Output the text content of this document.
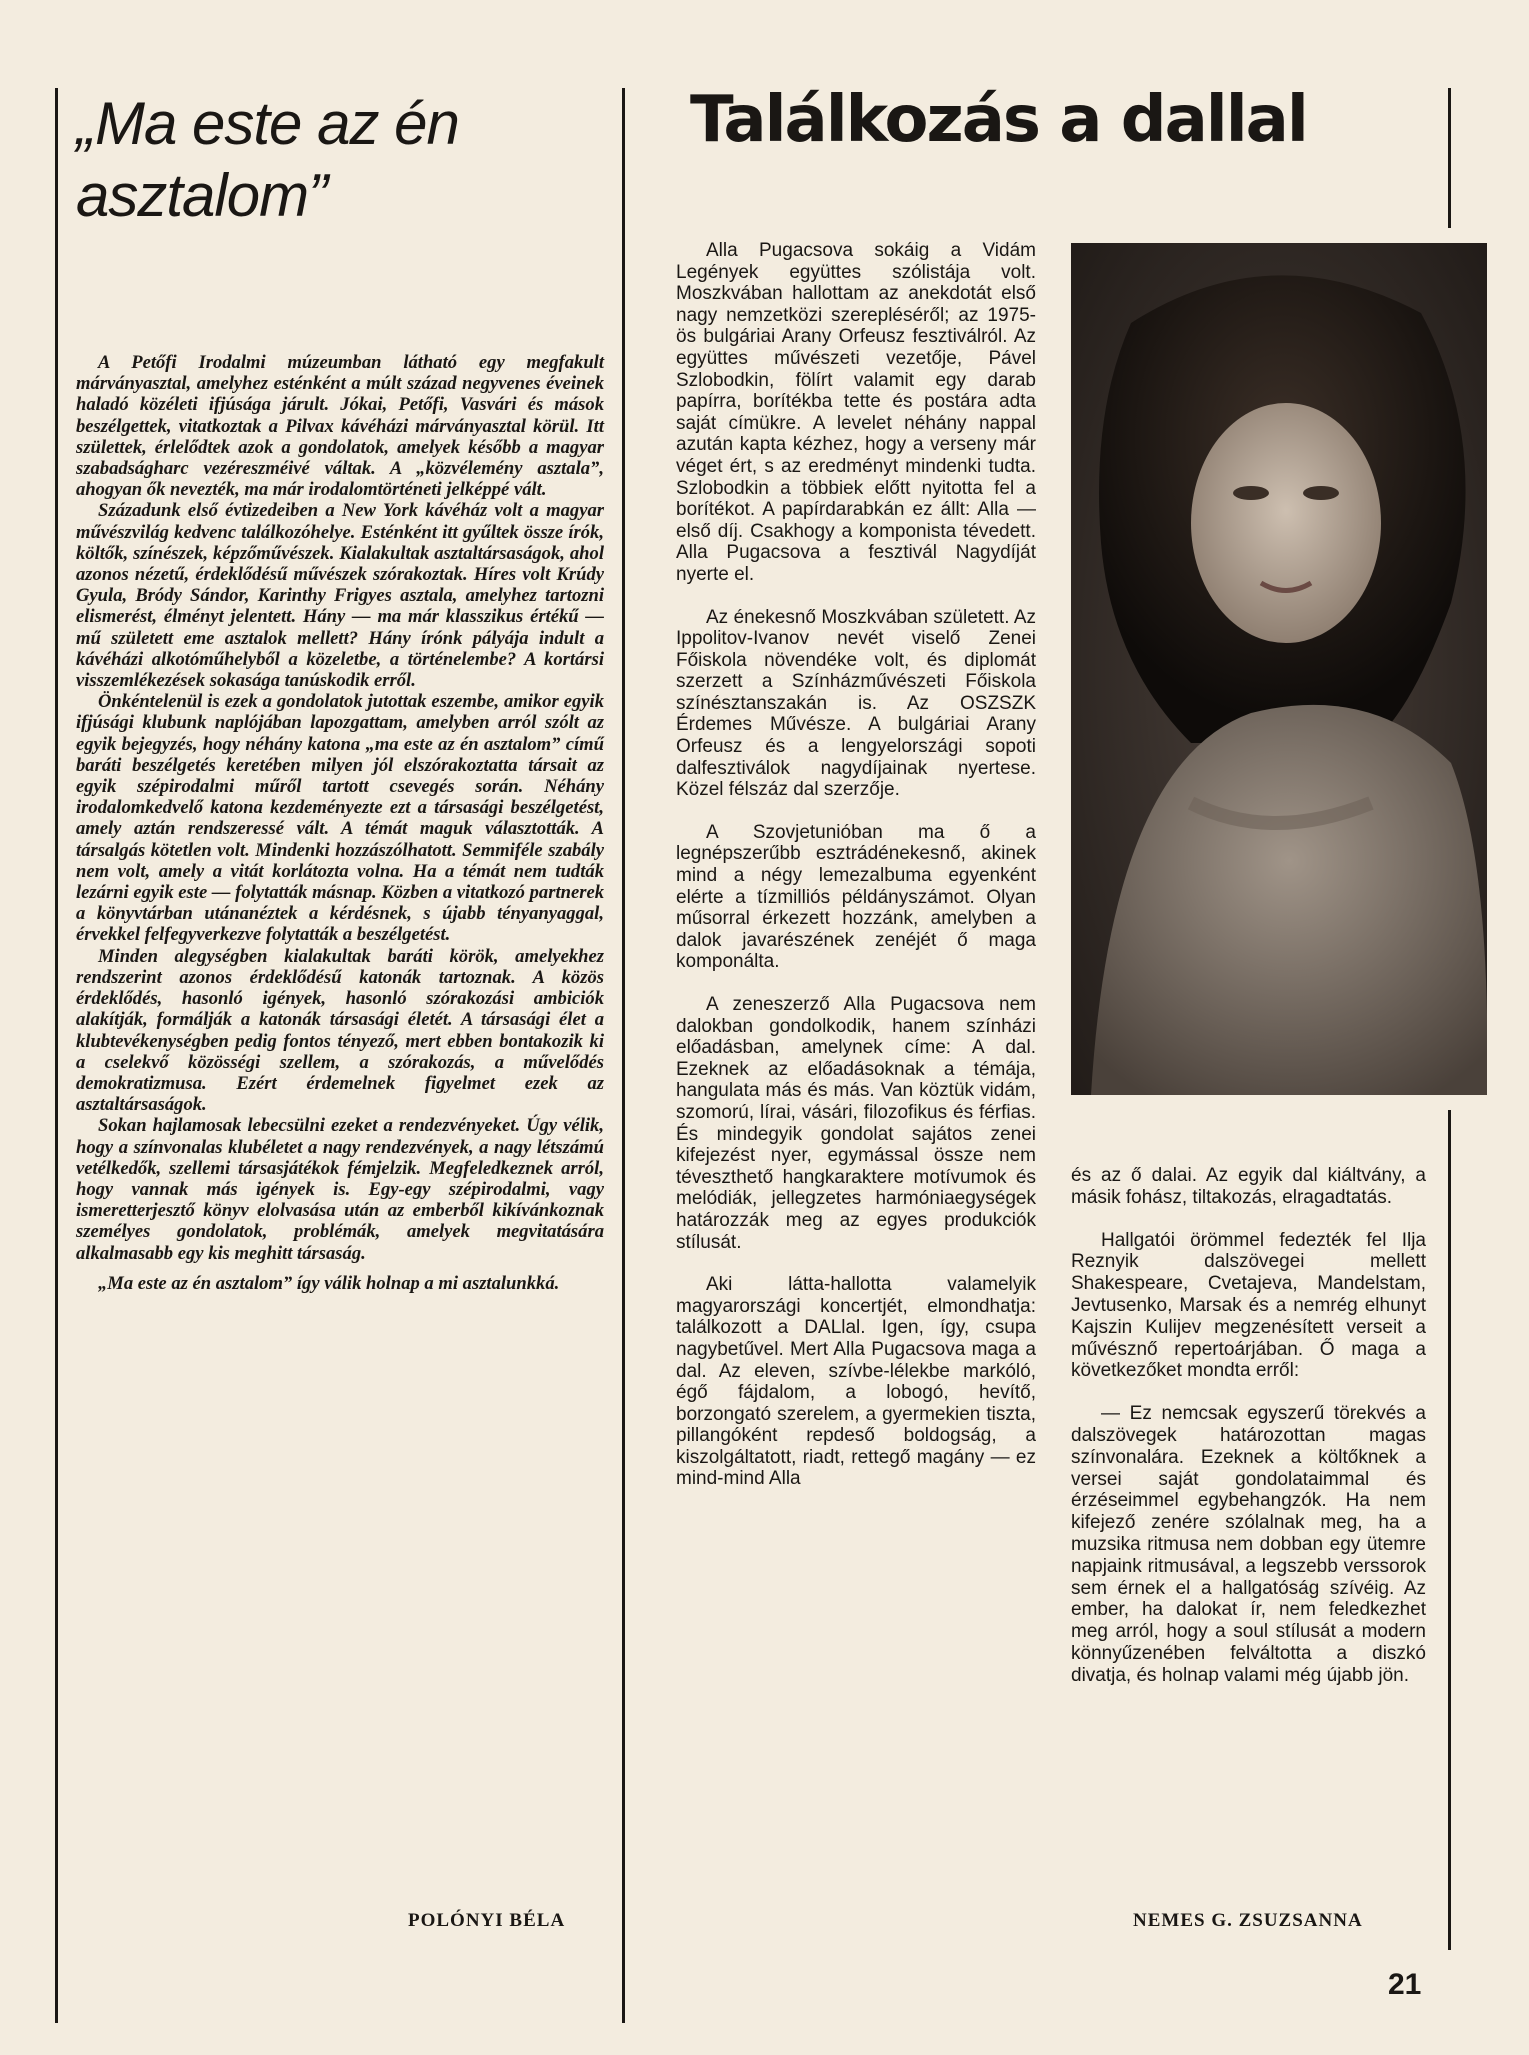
„Ma este az én asztalom”

A Petőfi Irodalmi múzeumban látható egy megfakult márványasztal, amelyhez esténként a múlt század negyvenes éveinek haladó közéleti ifjúsága járult. Jókai, Petőfi, Vasvári és mások beszélgettek, vitatkoztak a Pilvax kávéházi márványasztal körül. Itt születtek, érlelődtek azok a gondolatok, amelyek később a magyar szabadságharc vezéreszméivé váltak. A „közvélemény asztala”, ahogyan ők nevezték, ma már irodalomtörténeti jelképpé vált.

Századunk első évtizedeiben a New York kávéház volt a magyar művészvilág kedvenc találkozóhelye. Esténként itt gyűltek össze írók, költők, színészek, képzőművészek. Kialakultak asztaltársaságok, ahol azonos nézetű, érdeklődésű művészek szórakoztak. Híres volt Krúdy Gyula, Bródy Sándor, Karinthy Frigyes asztala, amelyhez tartozni elismerést, élményt jelentett. Hány — ma már klasszikus értékű — mű született eme asztalok mellett? Hány írónk pályája indult a kávéházi alkotóműhelyből a közeletbe, a történelembe? A kortársi visszemlékezések sokasága tanúskodik erről.

Önkéntelenül is ezek a gondolatok jutottak eszembe, amikor egyik ifjúsági klubunk naplójában lapozgattam, amelyben arról szólt az egyik bejegyzés, hogy néhány katona „ma este az én asztalom” című baráti beszélgetés keretében milyen jól elszórakoztatta társait az egyik szépirodalmi műről tartott csevegés során. Néhány irodalomkedvelő katona kezdeményezte ezt a társasági beszélgetést, amely aztán rendszeressé vált. A témát maguk választották. A társalgás kötetlen volt. Mindenki hozzászólhatott. Semmiféle szabály nem volt, amely a vitát korlátozta volna. Ha a témát nem tudták lezárni egyik este — folytatták másnap. Közben a vitatkozó partnerek a könyvtárban utánanéztek a kérdésnek, s újabb tényanyaggal, érvekkel felfegyverkezve folytatták a beszélgetést.

Minden alegységben kialakultak baráti körök, amelyekhez rendszerint azonos érdeklődésű katonák tartoznak. A közös érdeklődés, hasonló igények, hasonló szórakozási ambiciók alakítják, formálják a katonák társasági életét. A társasági élet a klubtevékenységben pedig fontos tényező, mert ebben bontakozik ki a cselekvő közösségi szellem, a szórakozás, a művelődés demokratizmusa. Ezért érdemelnek figyelmet ezek az asztaltársaságok.

Sokan hajlamosak lebecsülni ezeket a rendezvényeket. Úgy vélik, hogy a színvonalas klubéletet a nagy rendezvények, a nagy létszámú vetélkedők, szellemi társasjátékok fémjelzik. Megfeledkeznek arról, hogy vannak más igények is. Egy-egy szépirodalmi, vagy ismeretterjesztő könyv elolvasása után az emberből kikívánkoznak személyes gondolatok, problémák, amelyek megvitatására alkalmasabb egy kis meghitt társaság.

„Ma este az én asztalom” így válik holnap a mi asztalunkká.

POLÓNYI BÉLA

Találkozás a dallal

Alla Pugacsova sokáig a Vidám Legények együttes szólistája volt. Moszkvában hallottam az anekdotát első nagy nemzetközi szerepléséről; az 1975-ös bulgáriai Arany Orfeusz fesztiválról. Az együttes művészeti vezetője, Pável Szlobodkin, fölírt valamit egy darab papírra, borítékba tette és postára adta saját címükre. A levelet néhány nappal azután kapta kézhez, hogy a verseny már véget ért, s az eredményt mindenki tudta. Szlobodkin a többiek előtt nyitotta fel a borítékot. A papírdarabkán ez állt: Alla — első díj. Csakhogy a komponista tévedett. Alla Pugacsova a fesztivál Nagydíját nyerte el.

Az énekesnő Moszkvában született. Az Ippolitov-Ivanov nevét viselő Zenei Főiskola növendéke volt, és diplomát szerzett a Színházművészeti Főiskola színésztanszakán is. Az OSZSZK Érdemes Művésze. A bulgáriai Arany Orfeusz és a lengyelországi sopoti dalfesztiválok nagydíjainak nyertese. Közel félszáz dal szerzője.

A Szovjetunióban ma ő a legnépszerűbb esztrádénekesnő, akinek mind a négy lemezalbuma egyenként elérte a tízmilliós példányszámot. Olyan műsorral érkezett hozzánk, amelyben a dalok javarészének zenéjét ő maga komponálta.

A zeneszerző Alla Pugacsova nem dalokban gondolkodik, hanem színházi előadásban, amelynek címe: A dal. Ezeknek az előadásoknak a témája, hangulata más és más. Van köztük vidám, szomorú, lírai, vásári, filozofikus és férfias. És mindegyik gondolat sajátos zenei kifejezést nyer, egymással össze nem téveszthető hangkaraktere motívumok és melódiák, jellegzetes harmóniaegységek határozzák meg az egyes produkciók stílusát.

Aki látta-hallotta valamelyik magyarországi koncertjét, elmondhatja: találkozott a DALlal. Igen, így, csupa nagybetűvel. Mert Alla Pugacsova maga a dal. Az eleven, szívbe-lélekbe markóló, égő fájdalom, a lobogó, hevítő, borzongató szerelem, a gyermekien tiszta, pillangóként repdeső boldogság, a kiszolgáltatott, riadt, rettegő magány — ez mind-mind Alla

és az ő dalai. Az egyik dal kiáltvány, a másik fohász, tiltakozás, elragadtatás.

Hallgatói örömmel fedezték fel Ilja Reznyik dalszövegei mellett Shakespeare, Cvetajeva, Mandelstam, Jevtusenko, Marsak és a nemrég elhunyt Kajszin Kulijev megzenésített verseit a művésznő repertoárjában. Ő maga a következőket mondta erről:

— Ez nemcsak egyszerű törekvés a dalszövegek határozottan magas színvonalára. Ezeknek a költőknek a versei saját gondolataimmal és érzéseimmel egybehangzók. Ha nem kifejező zenére szólalnak meg, ha a muzsika ritmusa nem dobban egy ütemre napjaink ritmusával, a legszebb verssorok sem érnek el a hallgatóság szívéig. Az ember, ha dalokat ír, nem feledkezhet meg arról, hogy a soul stílusát a modern könnyűzenében felváltotta a diszkó divatja, és holnap valami még újabb jön.

NEMES G. ZSUZSANNA

21
